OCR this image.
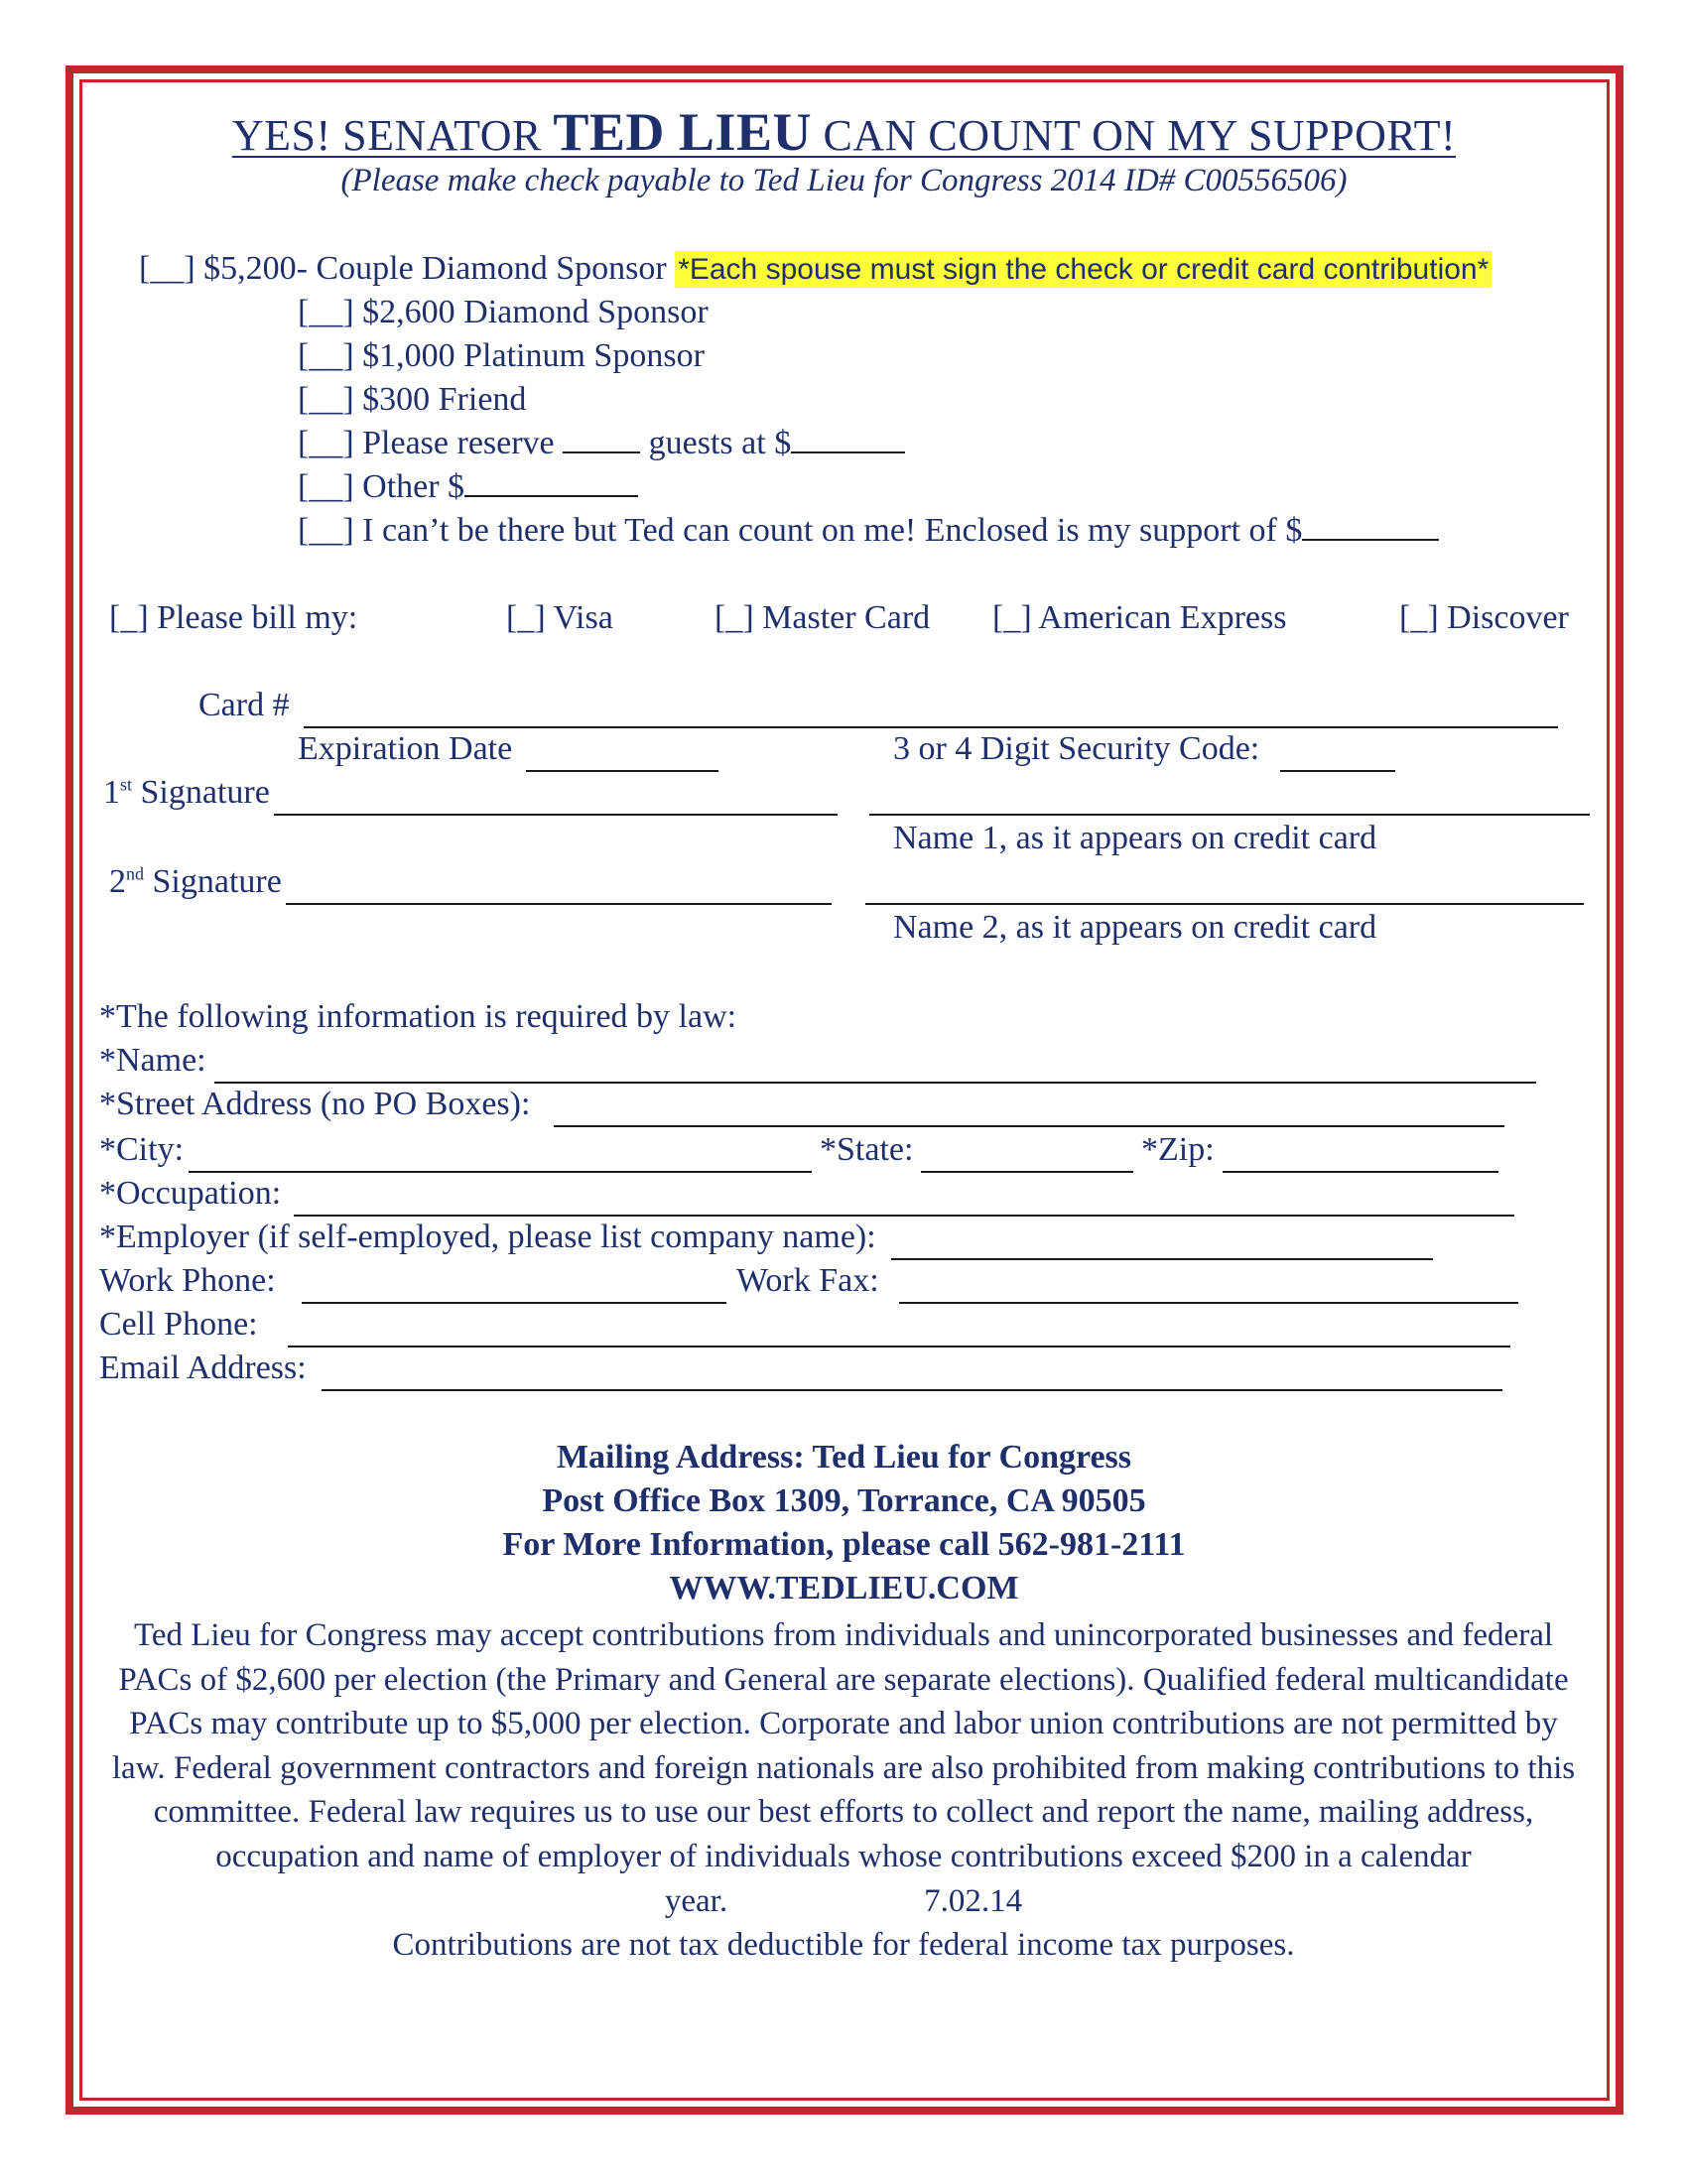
YES! SENATOR TED LIEU CAN COUNT ON MY SUPPORT!
(Please make check payable to Ted Lieu for Congress 2014 ID# C00556506)
[__] $5,200- Couple Diamond Sponsor *Each spouse must sign the check or credit card contribution*
[__] $2,600 Diamond Sponsor
[__] $1,000 Platinum Sponsor
[__] $300 Friend
[__] Please reserve	guests at $
[__] Other $
[__] I can’t be there but Ted can count on me! Enclosed is my support of $
[_] Please bill my:	[_] Visa	[_] Master Card [_] American Express	[_] Discover
Card #
Expiration Date	3 or 4 Digit Security Code:
1st Signature
Name 1, as it appears on credit card
2nd Signature
Name 2, as it appears on credit card
*The following information is required by law:
*Name:
*Street Address (no PO Boxes):
*City:	*State:	*Zip:
*Occupation:
*Employer (if self-employed, please list company name):
Work Phone:	Work Fax:
Cell Phone:
Email Address:
Mailing Address: Ted Lieu for Congress
Post Office Box 1309, Torrance, CA 90505
For More Information, please call 562-981-2111
WWW.TEDLIEU.COM
Ted Lieu for Congress may accept contributions from individuals and unincorporated businesses and federal PACs of $2,600 per election (the Primary and General are separate elections). Qualified federal multicandidate PACs may contribute up to $5,000 per election. Corporate and labor union contributions are not permitted by law. Federal government contractors and foreign nationals are also prohibited from making contributions to this committee. Federal law requires us to use our best efforts to collect and report the name, mailing address, occupation and name of employer of individuals whose contributions exceed $200 in a calendar year.	7.02.14
Contributions are not tax deductible for federal income tax purposes.
